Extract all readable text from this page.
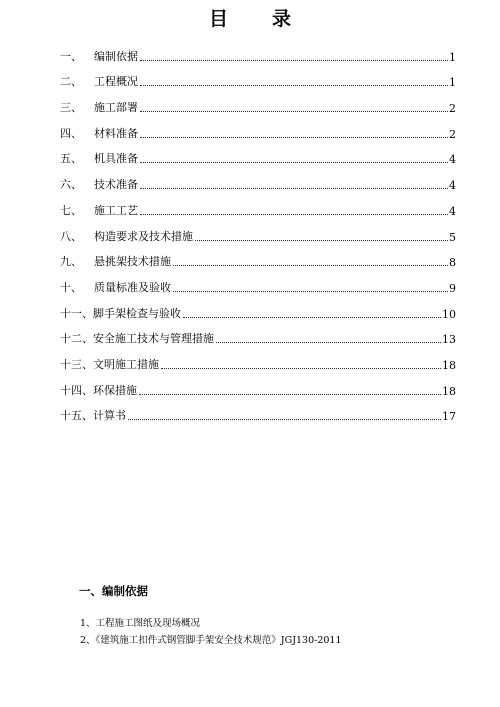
目 录
一、	编制依据	1
二、	工程概况	1
三、	施工部署	2
四、	材料准备	2
五、	机具准备	4
六、	技术准备	4
七、	施工工艺	4
八、	构造要求及技术措施	5
九、	悬挑架技术措施	8
十、	质量标准及验收	9
十一、 脚手架检查与验收	10
十二、 安全施工技术与管理措施	13
十三、 文明施工措施	18
十四、 环保措施	18
十五、 计算书	17
一、编制依据
1、工程施工图纸及现场概况
2、《建筑施工扣件式钢管脚手架安全技术规范》JGJ130-2011
